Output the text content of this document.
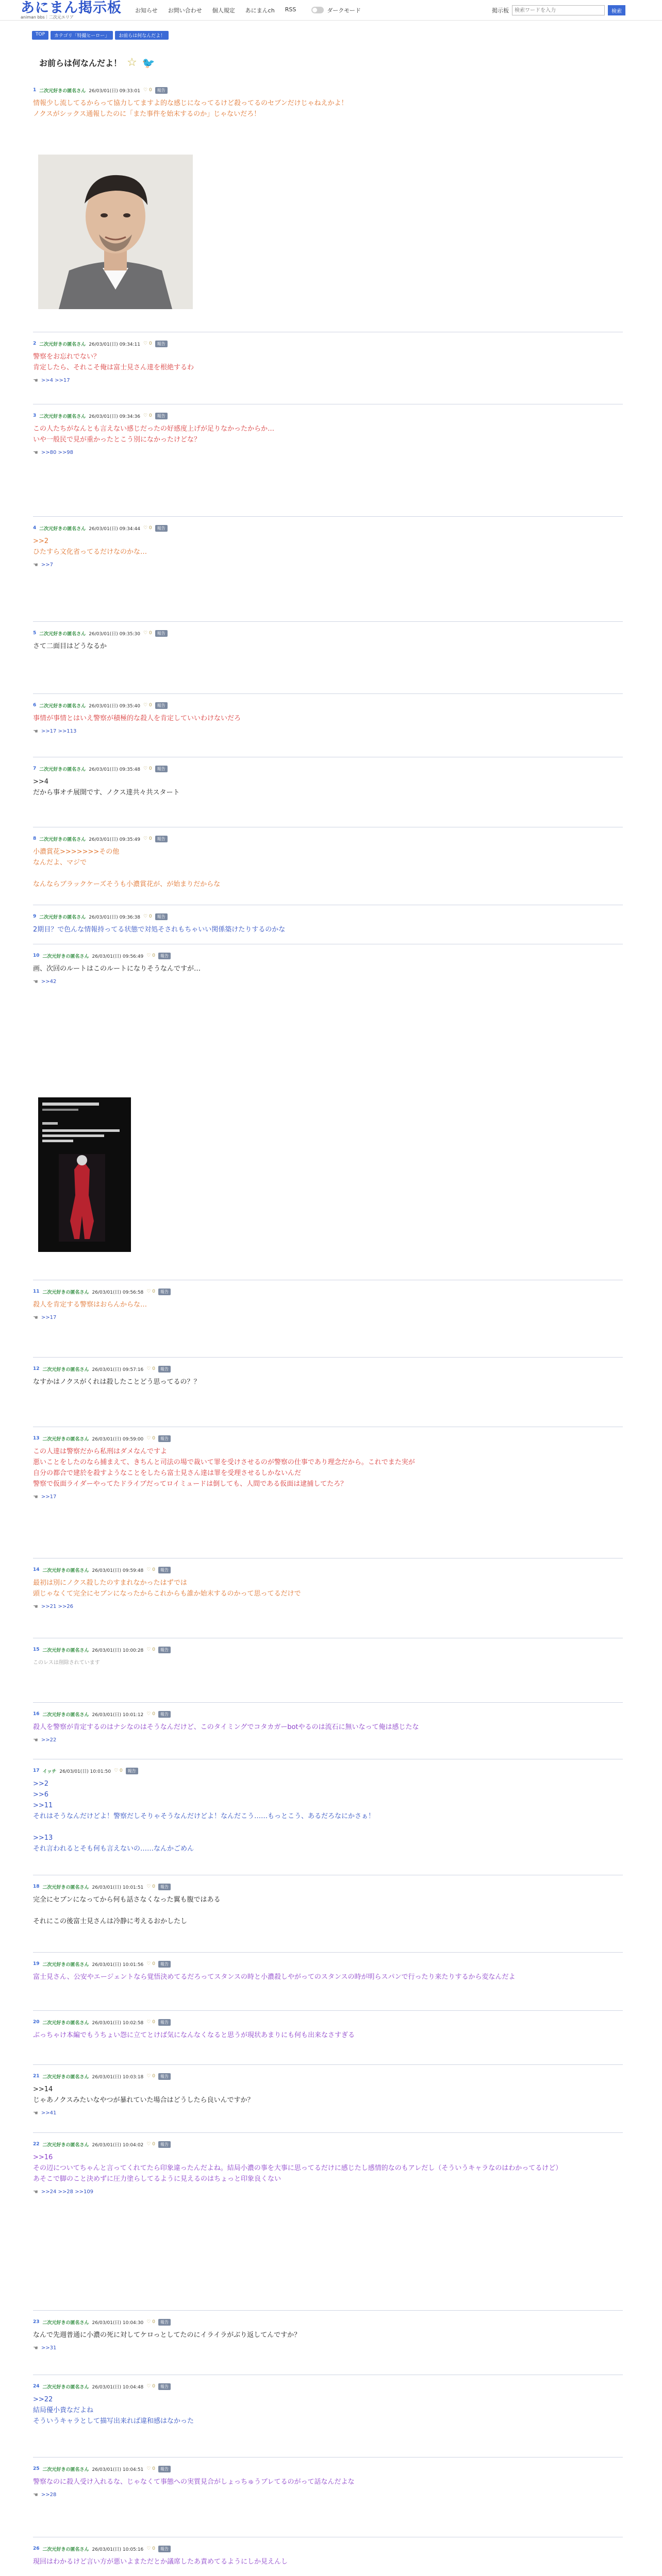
あにまん掲示板
animan bbs｜二次元エリア
お知らせ お問い合わせ 個人規定 あにまんch RSS	ダークモード	掲示板
検索ワードを入力	検索
TOP	カテゴリ「特撮ヒーロー」	お前らは何なんだよ！
お前らは何なんだよ！ ☆ 🐦
1 二次元好きの匿名さん 26/03/01(日) 09:33:01 ♡ 0	報告
情報少し流してるからって協力してますよ的な感じになってるけど殺ってるのセブンだけじゃねえかよ！
ノクスがシックス通報したのに「また事件を始末するのか」じゃないだろ！
2 二次元好きの匿名さん 26/03/01(日) 09:34:11 ♡ 0	報告
警察をお忘れでない？
肯定したら、それこそ俺は富士見さん達を根絶するわ
☚ >>4 >>17
3 二次元好きの匿名さん 26/03/01(日) 09:34:36 ♡ 0	報告
この人たちがなんとも言えない感じだったの好感度上げが足りなかったからか…
いや一般民で見が重かったとこう別になかったけどな？
☚ >>80 >>98
4 二次元好きの匿名さん 26/03/01(日) 09:34:44 ♡ 0	報告
>>2
ひたすら文化省ってるだけなのかな…
☚ >>7
5 二次元好きの匿名さん 26/03/01(日) 09:35:30 ♡ 0	報告
さて二面目はどうなるか
6 二次元好きの匿名さん 26/03/01(日) 09:35:40 ♡ 0	報告
事情が事情とはいえ警察が積極的な殺人を肯定していいわけないだろ
☚ >>17 >>113
7 二次元好きの匿名さん 26/03/01(日) 09:35:48 ♡ 0	報告
>>4
だから事オチ展開です、ノクス達共々共スタート
8 二次元好きの匿名さん 26/03/01(日) 09:35:49 ♡ 0	報告
小濃賞花>>>>>>>その他
なんだよ、マジで
なんならブラックケーズそうも小濃賞花が、が始まりだからな
9 二次元好きの匿名さん 26/03/01(日) 09:36:38 ♡ 0	報告
2期目？で色んな情報持ってる状態で対処そされもちゃいい関係築けたりするのかな
10 二次元好きの匿名さん 26/03/01(日) 09:56:49 ♡ 0	報告
画、次回のルートはこのルートになりそうなんですが…
☚ >>42
11 二次元好きの匿名さん 26/03/01(日) 09:56:58 ♡ 0	報告
殺人を肯定する警察はおらんからな…
☚ >>17
12 二次元好きの匿名さん 26/03/01(日) 09:57:16 ♡ 0	報告
なすかはノクスがくれは殺したことどう思ってるの？？
13 二次元好きの匿名さん 26/03/01(日) 09:59:00 ♡ 0	報告
この人達は警察だから私刑はダメなんですよ
悪いことをしたのなら捕まえて、きちんと司法の場で裁いて罪を受けさせるのが警察の仕事であり理念だから。これでまた実が
自分の都合で建於を殺すようなことをしたら富士見さん達は罪を受理させるしかないんだ
警察で仮面ライダーやってたドライブだってロイミュードは倒しても、人間である仮面は逮捕してたろ？
☚ >>17
14 二次元好きの匿名さん 26/03/01(日) 09:59:48 ♡ 0	報告
最初は別にノクス殺したのすまれなかったはずでは
頭じゃなくて完全にセブンになったからこれからも誰か始末するのかって思ってるだけで
☚ >>21 >>26
15 二次元好きの匿名さん 26/03/01(日) 10:00:28 ♡ 0	報告
このレスは削除されています
16 二次元好きの匿名さん 26/03/01(日) 10:01:12 ♡ 0	報告
殺人を警察が肯定するのはナシなのはそうなんだけど、このタイミングでコタカガーbotやるのは流石に無いなって俺は感じたな
☚ >>22
17 イッチ 26/03/01(日) 10:01:50 ♡ 0	報告
>>2
>>6
>>11
それはそうなんだけどよ！警察だしそりゃそうなんだけどよ！なんだこう……もっとこう、あるだろなにかさぁ！
>>13
それ言われるとそも何も言えないの……なんかごめん
18 二次元好きの匿名さん 26/03/01(日) 10:01:51 ♡ 0	報告
完全にセブンになってから何も話さなくなった翼も腹ではある
それにこの後富士見さんは冷静に考えるおかしたし
19 二次元好きの匿名さん 26/03/01(日) 10:01:56 ♡ 0	報告
富士見さん、公安やエージェントなら覚悟決めてるだろってスタンスの時と小濃殺しやがってのスタンスの時が明らスパンで行ったり来たりするから変なんだよ
20 二次元好きの匿名さん 26/03/01(日) 10:02:58 ♡ 0	報告
ぶっちゃけ本編でもうちょい怨に立てとけば気になんなくなると思うが現状あまりにも何も出来なさすぎる
21 二次元好きの匿名さん 26/03/01(日) 10:03:18 ♡ 0	報告
>>14
じゃあノクスみたいなやつが暴れていた場合はどうしたら良いんですか？
☚ >>41
22 二次元好きの匿名さん 26/03/01(日) 10:04:02 ♡ 0	報告
>>16
その辺についてちゃんと言ってくれてたら印象違ったんだよね。結局小濃の事を大事に思ってるだけに感じたし感情的なのもアレだし（そういうキャラなのはわかってるけど）
あそこで脚のこと決めずに圧力塗らしてるように見えるのはちょっと印象良くない
☚ >>24 >>28 >>109
23 二次元好きの匿名さん 26/03/01(日) 10:04:30 ♡ 0	報告
なんで先週普通に小濃の死に対してケロっとしてたのにイライラがぶり返してんですか？
☚ >>31
24 二次元好きの匿名さん 26/03/01(日) 10:04:48 ♡ 0	報告
>>22
結局優小貴なだよね
そういうキャラとして描写出来れば違和感はなかった
25 二次元好きの匿名さん 26/03/01(日) 10:04:51 ♡ 0	報告
警察なのに殺人受け入れるな、じゃなくて事態への実質見合がしょっちゅうブレてるのがって話なんだよな
☚ >>28
26 二次元好きの匿名さん 26/03/01(日) 10:05:16 ♡ 0	報告
現回はわかるけど言い方が悪いよまただとか議席したあ責めてるようにしか見えんし
